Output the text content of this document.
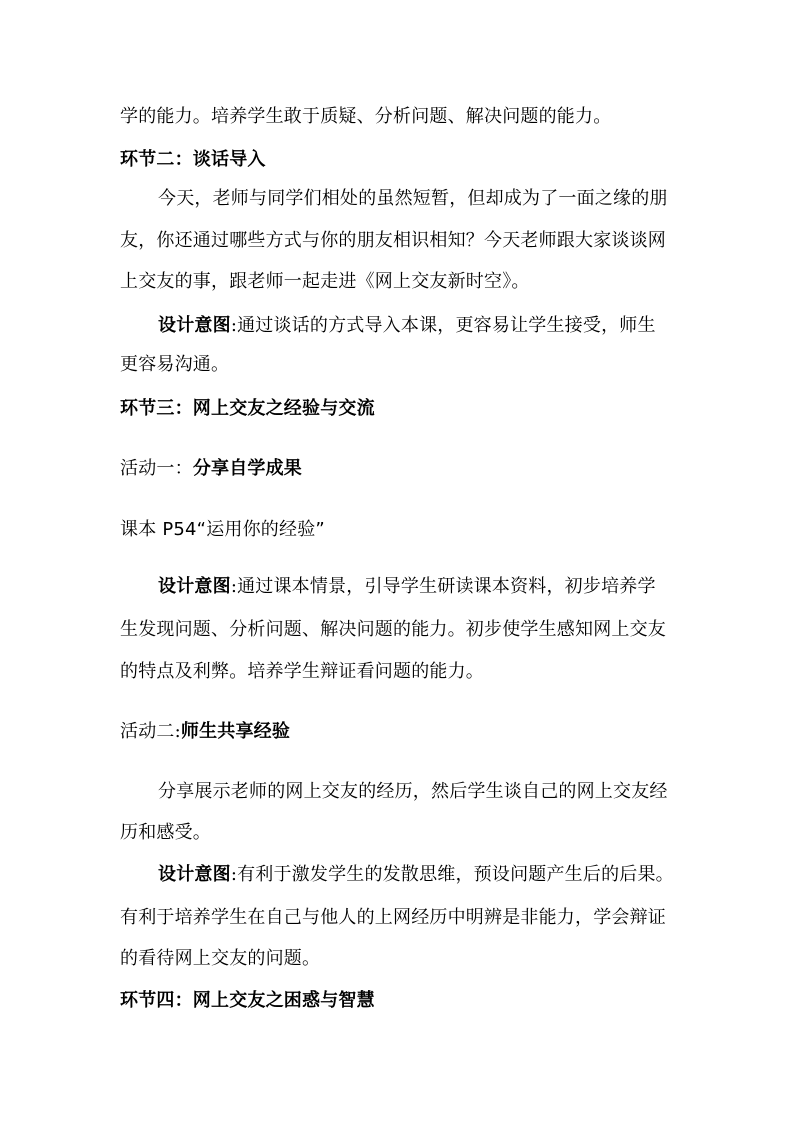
学的能力。培养学生敢于质疑、分析问题、解决问题的能力。
环节二：谈话导入
今天，老师与同学们相处的虽然短暂，但却成为了一面之缘的朋
友，你还通过哪些方式与你的朋友相识相知？今天老师跟大家谈谈网
上交友的事，跟老师一起走进《网上交友新时空》。
设计意图:通过谈话的方式导入本课，更容易让学生接受，师生
更容易沟通。
环节三：网上交友之经验与交流
活动一：分享自学成果
课本 P54“运用你的经验”
设计意图:通过课本情景，引导学生研读课本资料，初步培养学
生发现问题、分析问题、解决问题的能力。初步使学生感知网上交友
的特点及利弊。培养学生辩证看问题的能力。
活动二:师生共享经验
分享展示老师的网上交友的经历，然后学生谈自己的网上交友经
历和感受。
设计意图:有利于激发学生的发散思维，预设问题产生后的后果。
有利于培养学生在自己与他人的上网经历中明辨是非能力，学会辩证
的看待网上交友的问题。
环节四：网上交友之困惑与智慧
